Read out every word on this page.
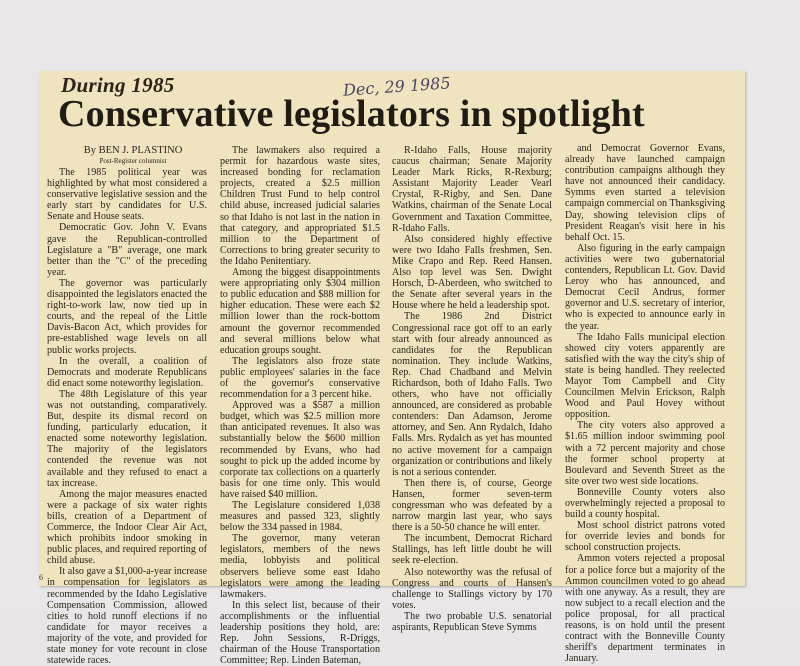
During 1985	Dec, 29 1985
Conservative legislators in spotlight

By BEN J. PLASTINO

Post-Register columnist

The 1985 political year was highlighted by what most considered a conservative legislative session and the early start by candidates for U.S. Senate and House seats.

Democratic Gov. John V. Evans gave the Republican-controlled Legislature a "B" average, one mark better than the "C" of the preceding year.

The governor was particularly disappointed the legislators enacted the right-to-work law, now tied up in courts, and the repeal of the Little Davis-Bacon Act, which provides for pre-established wage levels on all public works projects.

In the overall, a coalition of Democrats and moderate Republicans did enact some noteworthy legislation.

The 48th Legislature of this year was not outstanding, comparatively. But, despite its dismal record on funding, particularly education, it enacted some noteworthy legislation. The majority of the legislators contended the revenue was not available and they refused to enact a tax increase.

Among the major measures enacted were a package of six water rights bills, creation of a Department of Commerce, the Indoor Clear Air Act, which prohibits indoor smoking in public places, and required reporting of child abuse.

It also gave a $1,000-a-year increase in compensation for legislators as recommended by the Idaho Legislative Compensation Commission, allowed cities to hold runoff elections if no candidate for mayor receives a majority of the vote, and provided for state money for vote recount in close statewide races.

The lawmakers also required a permit for hazardous waste sites, increased bonding for reclamation projects, created a $2.5 million Children Trust Fund to help control child abuse, increased judicial salaries so that Idaho is not last in the nation in that category, and appropriated $1.5 million to the Department of Corrections to bring greater security to the Idaho Penitentiary.

Among the biggest disappointments were appropriating only $304 million to public education and $88 million for higher education. These were each $2 million lower than the rock-bottom amount the governor recommended and several millions below what education groups sought.

The legislators also froze state public employees' salaries in the face of the governor's conservative recommendation for a 3 percent hike.

Approved was a $587 a million budget, which was $2.5 million more than anticipated revenues. It also was substantially below the $600 million recommended by Evans, who had sought to pick up the added income by corporate tax collections on a quarterly basis for one time only. This would have raised $40 million.

The Legislature considered 1,038 measures and passed 323, slightly below the 334 passed in 1984.

The governor, many veteran legislators, members of the news media, lobbyists and political observers believe some east Idaho legislators were among the leading lawmakers.

In this select list, because of their accomplishments or the influential leadership positions they hold, are: Rep. John Sessions, R-Driggs, chairman of the House Transportation Committee; Rep. Linden Bateman,

R-Idaho Falls, House majority caucus chairman; Senate Majority Leader Mark Ricks, R-Rexburg; Assistant Majority Leader Vearl Crystal, R-Rigby, and Sen. Dane Watkins, chairman of the Senate Local Government and Taxation Committee, R-Idaho Falls.

Also considered highly effective were two Idaho Falls freshmen, Sen. Mike Crapo and Rep. Reed Hansen. Also top level was Sen. Dwight Horsch, D-Aberdeen, who switched to the Senate after several years in the House where he held a leadership spot.

The 1986 2nd District Congressional race got off to an early start with four already announced as candidates for the Republican nomination. They include Watkins, Rep. Chad Chadband and Melvin Richardson, both of Idaho Falls. Two others, who have not officially announced, are considered as probable contenders: Dan Adamson, Jerome attorney, and Sen. Ann Rydalch, Idaho Falls. Mrs. Rydalch as yet has mounted no active movement for a campaign organization or contributions and likely is not a serious contender.

Then there is, of course, George Hansen, former seven-term congressman who was defeated by a narrow margin last year, who says there is a 50-50 chance he will enter.

The incumbent, Democrat Richard Stallings, has left little doubt he will seek re-election.

Also noteworthy was the refusal of Congress and courts of Hansen's challenge to Stallings victory by 170 votes.

The two probable U.S. senatorial aspirants, Republican Steve Symms

and Democrat Governor Evans, already have launched campaign contribution campaigns although they have not announced their candidacy. Symms even started a television campaign commercial on Thanksgiving Day, showing television clips of President Reagan's visit here in his behalf Oct. 15.

Also figuring in the early campaign activities were two gubernatorial contenders, Republican Lt. Gov. David Leroy who has announced, and Democrat Cecil Andrus, former governor and U.S. secretary of interior, who is expected to announce early in the year.

The Idaho Falls municipal election showed city voters apparently are satisfied with the way the city's ship of state is being handled. They reelected Mayor Tom Campbell and City Councilmen Melvin Erickson, Ralph Wood and Paul Hovey without opposition.

The city voters also approved a $1.65 million indoor swimming pool with a 72 percent majority and chose the former school property at Boulevard and Seventh Street as the site over two west side locations.

Bonneville County voters also overwhelmingly rejected a proposal to build a county hospital.

Most school district patrons voted for override levies and bonds for school construction projects.

Ammon voters rejected a proposal for a police force but a majority of the Ammon councilmen voted to go ahead with one anyway. As a result, they are now subject to a recall election and the police proposal, for all practical reasons, is on hold until the present contract with the Bonneville County sheriff's department terminates in January.

6
